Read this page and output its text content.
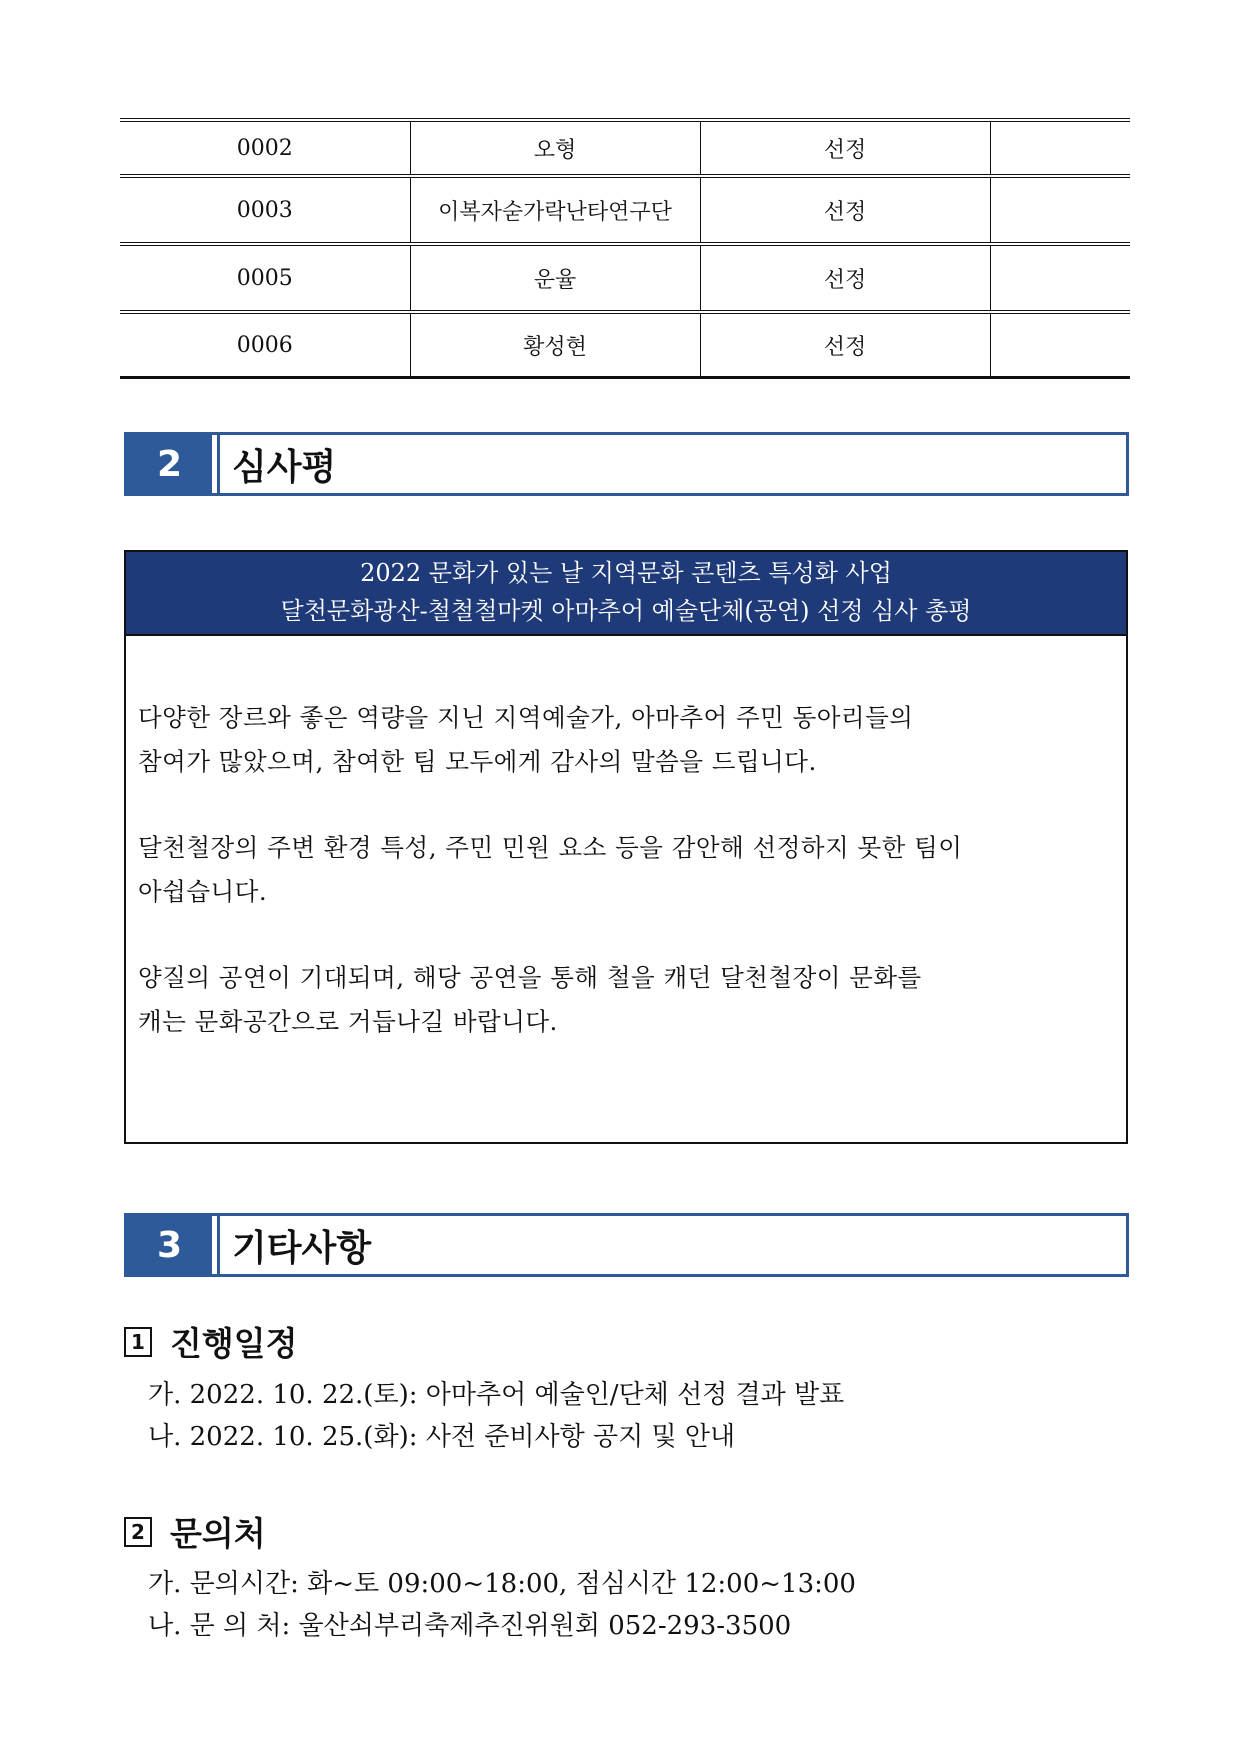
0002	오형	선정	
0003	이복자숟가락난타연구단	선정	
0005	운율	선정	
0006	황성현	선정	
2	심사평
2022 문화가 있는 날 지역문화 콘텐츠 특성화 사업
달천문화광산-철철철마켓 아마추어 예술단체(공연) 선정 심사 총평

다양한 장르와 좋은 역량을 지닌 지역예술가, 아마추어 주민 동아리들의
참여가 많았으며, 참여한 팀 모두에게 감사의 말씀을 드립니다.

달천철장의 주변 환경 특성, 주민 민원 요소 등을 감안해 선정하지 못한 팀이
아쉽습니다.

양질의 공연이 기대되며, 해당 공연을 통해 철을 캐던 달천철장이 문화를
캐는 문화공간으로 거듭나길 바랍니다.

3	기타사항
1 진행일정
가. 2022. 10. 22.(토): 아마추어 예술인/단체 선정 결과 발표
나. 2022. 10. 25.(화): 사전 준비사항 공지 및 안내
2 문의처
가. 문의시간: 화~토 09:00~18:00, 점심시간 12:00~13:00
나. 문 의 처: 울산쇠부리축제추진위원회 052-293-3500
